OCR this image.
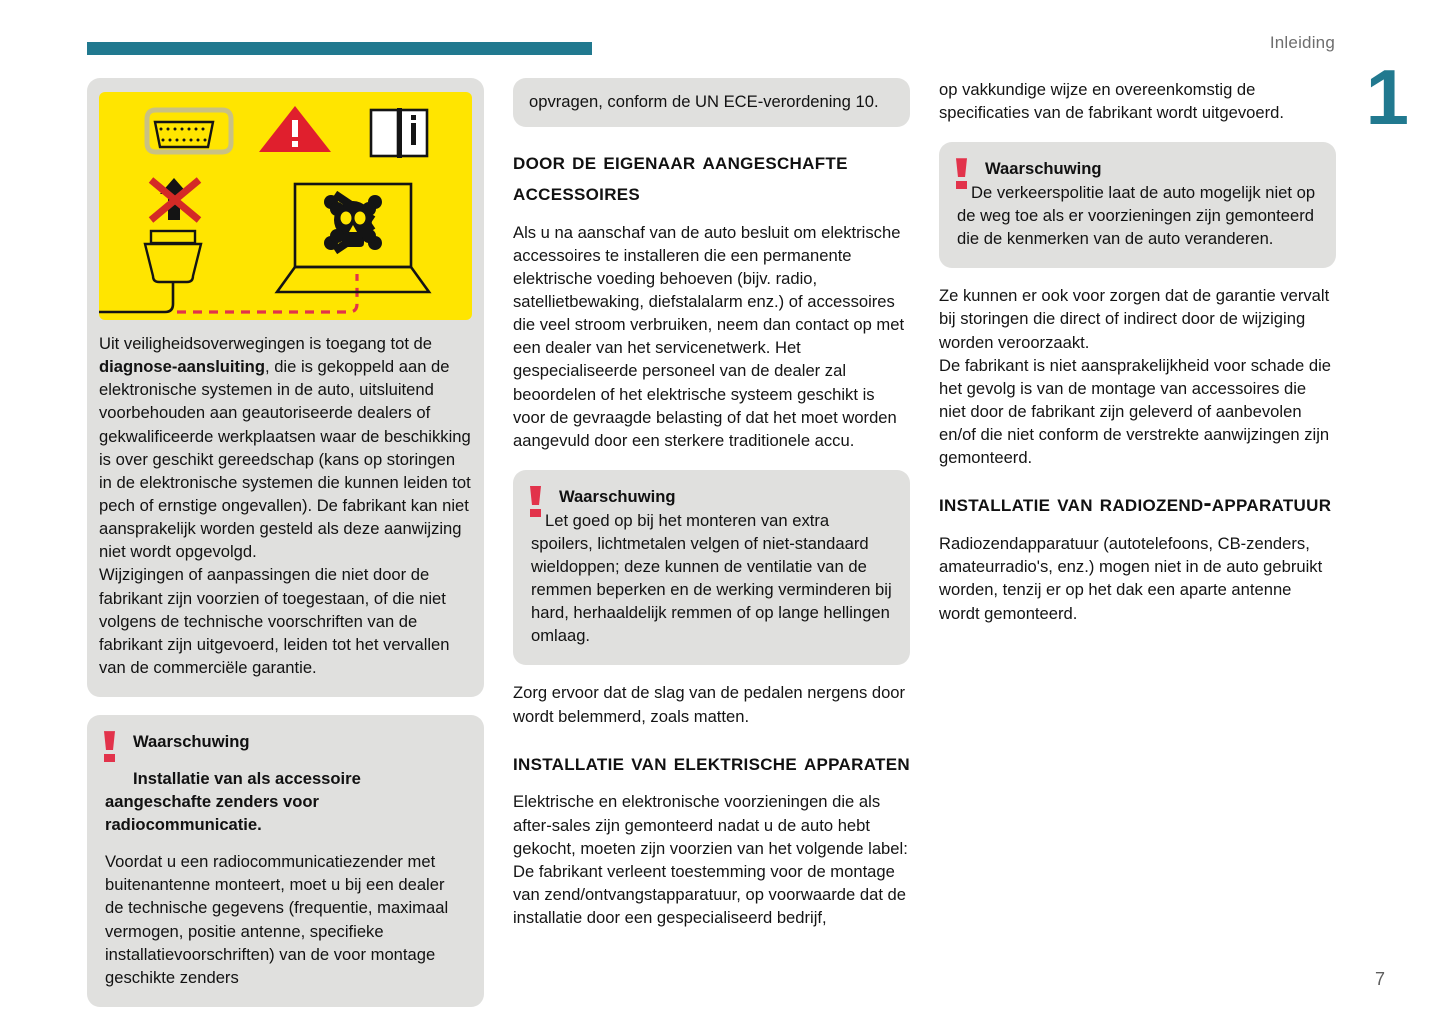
Inleiding
1
7
Uit veiligheidsoverwegingen is toegang tot de diagnose-aansluiting, die is gekoppeld aan de elektronische systemen in de auto, uitsluitend voorbehouden aan geautoriseerde dealers of gekwalificeerde werkplaatsen waar de beschikking is over geschikt gereedschap (kans op storingen in de elektronische systemen die kunnen leiden tot pech of ernstige ongevallen). De fabrikant kan niet aansprakelijk worden gesteld als deze aanwijzing niet wordt opgevolgd.
Wijzigingen of aanpassingen die niet door de fabrikant zijn voorzien of toegestaan, of die niet volgens de technische voorschriften van de fabrikant zijn uitgevoerd, leiden tot het vervallen van de commerciële garantie.
Waarschuwing
Installatie van als accessoire aangeschafte zenders voor radiocommunicatie.
Voordat u een radiocommunicatiezender met buitenantenne monteert, moet u bij een dealer de technische gegevens (frequentie, maximaal vermogen, positie antenne, specifieke installatievoorschriften) van de voor montage geschikte zenders

opvragen, conform de UN ECE-verordening 10.

door de eigenaar aangeschafte accessoires

Als u na aanschaf van de auto besluit om elektrische accessoires te installeren die een permanente elektrische voeding behoeven (bijv. radio, satellietbewaking, diefstalalarm enz.) of accessoires die veel stroom verbruiken, neem dan contact op met een dealer van het servicenetwerk. Het gespecialiseerde personeel van de dealer zal beoordelen of het elektrische systeem geschikt is voor de gevraagde belasting of dat het moet worden aangevuld door een sterkere traditionele accu.

Waarschuwing
Let goed op bij het monteren van extra spoilers, lichtmetalen velgen of niet-standaard wieldoppen; deze kunnen de ventilatie van de remmen beperken en de werking verminderen bij hard, herhaaldelijk remmen of op lange hellingen omlaag.

Zorg ervoor dat de slag van de pedalen nergens door wordt belemmerd, zoals matten.

installatie van elektrische apparaten

Elektrische en elektronische voorzieningen die als after-sales zijn gemonteerd nadat u de auto hebt gekocht, moeten zijn voorzien van het volgende label: De fabrikant verleent toestemming voor de montage van zend/ontvangstapparatuur, op voorwaarde dat de installatie door een gespecialiseerd bedrijf,

op vakkundige wijze en overeenkomstig de specificaties van de fabrikant wordt uitgevoerd.

Waarschuwing
De verkeerspolitie laat de auto mogelijk niet op de weg toe als er voorzieningen zijn gemonteerd die de kenmerken van de auto veranderen.

Ze kunnen er ook voor zorgen dat de garantie vervalt bij storingen die direct of indirect door de wijziging worden veroorzaakt.

De fabrikant is niet aansprakelijkheid voor schade die het gevolg is van de montage van accessoires die niet door de fabrikant zijn geleverd of aanbevolen en/of die niet conform de verstrekte aanwijzingen zijn gemonteerd.

installatie van radiozend-apparatuur

Radiozendapparatuur (autotelefoons, CB-zenders, amateurradio's, enz.) mogen niet in de auto gebruikt worden, tenzij er op het dak een aparte antenne wordt gemonteerd.
